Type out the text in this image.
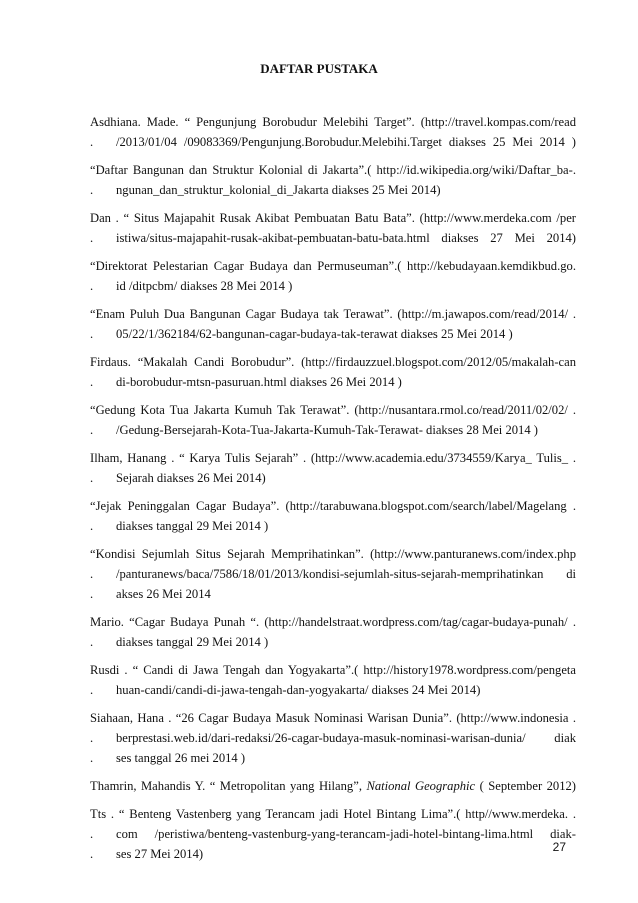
DAFTAR PUSTAKA
Asdhiana. Made. “ Pengunjung Borobudur Melebihi Target”. (http://travel.kompas.com/read
.	/2013/01/04 /09083369/Pengunjung.Borobudur.Melebihi.Target diakses 25 Mei 2014 )
“Daftar Bangunan dan Struktur Kolonial di Jakarta”.( http://id.wikipedia.org/wiki/Daftar_ba-.
.	ngunan_dan_struktur_kolonial_di_Jakarta diakses 25 Mei 2014)
Dan . “ Situs Majapahit Rusak Akibat Pembuatan Batu Bata”. (http://www.merdeka.com /per
.	istiwa/situs-majapahit-rusak-akibat-pembuatan-batu-bata.html diakses 27 Mei 2014)
“Direktorat Pelestarian Cagar Budaya dan Permuseuman”.( http://kebudayaan.kemdikbud.go.
.	id /ditpcbm/ diakses 28 Mei 2014 )
“Enam Puluh Dua Bangunan Cagar Budaya tak Terawat”. (http://m.jawapos.com/read/2014/ .
.	05/22/1/362184/62-bangunan-cagar-budaya-tak-terawat diakses 25 Mei 2014 )
Firdaus. “Makalah Candi Borobudur”. (http://firdauzzuel.blogspot.com/2012/05/makalah-can
.	di-borobudur-mtsn-pasuruan.html diakses 26 Mei 2014 )
“Gedung Kota Tua Jakarta Kumuh Tak Terawat”. (http://nusantara.rmol.co/read/2011/02/02/ .
.	/Gedung-Bersejarah-Kota-Tua-Jakarta-Kumuh-Tak-Terawat- diakses 28 Mei 2014 )
Ilham, Hanang . “ Karya Tulis Sejarah” . (http://www.academia.edu/3734559/Karya_ Tulis_ .
.	Sejarah diakses 26 Mei 2014)
“Jejak Peninggalan Cagar Budaya”. (http://tarabuwana.blogspot.com/search/label/Magelang .
.	diakses tanggal 29 Mei 2014 )
“Kondisi Sejumlah Situs Sejarah Memprihatinkan”. (http://www.panturanews.com/index.php
.	/panturanews/baca/7586/18/01/2013/kondisi-sejumlah-situs-sejarah-memprihatinkan di
.	akses 26 Mei 2014
Mario. “Cagar Budaya Punah “. (http://handelstraat.wordpress.com/tag/cagar-budaya-punah/ .
.	diakses tanggal 29 Mei 2014 )
Rusdi . “ Candi di Jawa Tengah dan Yogyakarta”.( http://history1978.wordpress.com/pengeta
.	huan-candi/candi-di-jawa-tengah-dan-yogyakarta/ diakses 24 Mei 2014)
Siahaan, Hana . “26 Cagar Budaya Masuk Nominasi Warisan Dunia”. (http://www.indonesia .
.	berprestasi.web.id/dari-redaksi/26-cagar-budaya-masuk-nominasi-warisan-dunia/ diak
.	ses tanggal 26 mei 2014 )
Thamrin, Mahandis Y. “ Metropolitan yang Hilang”, National Geographic ( September 2012)
Tts . “ Benteng Vastenberg yang Terancam jadi Hotel Bintang Lima”.( http//www.merdeka. .
.	com /peristiwa/benteng-vastenburg-yang-terancam-jadi-hotel-bintang-lima.html diak-
.	ses 27 Mei 2014)	27
